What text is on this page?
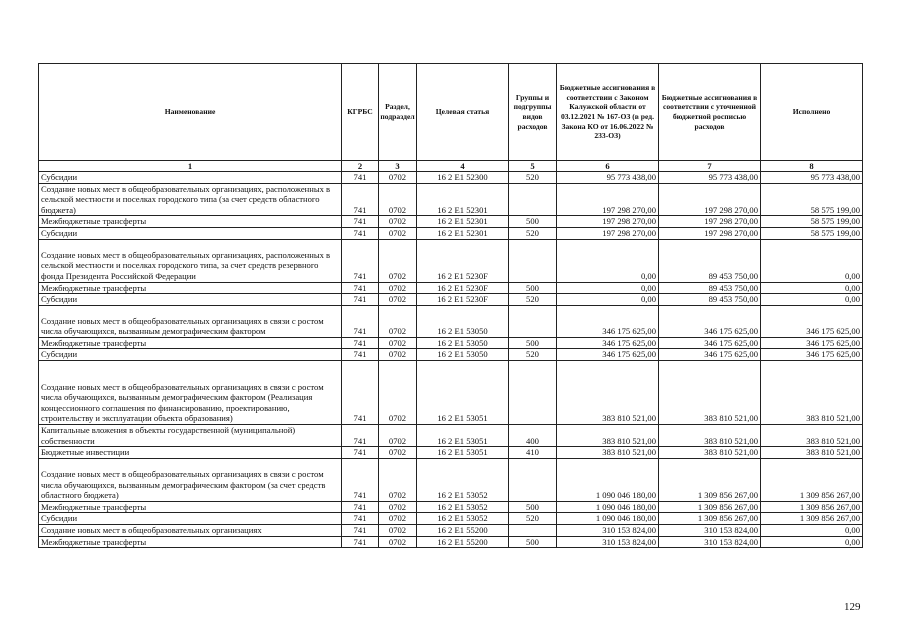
Наименование	КГРБС	Раздел, подраздел	Целевая статья	Группы и подгруппы видов расходов	Бюджетные ассигнования в соответствии с Законом Калужской области от 03.12.2021 № 167-ОЗ (в ред. Закона КО от 16.06.2022 № 233-ОЗ)	Бюджетные ассигнования в соответствии с уточненной бюджетной росписью расходов	Исполнено
1	2	3	4	5	6	7	8
Субсидии	741	0702	16 2 E1 52300	520	95 773 438,00	95 773 438,00	95 773 438,00
Создание новых мест в общеобразовательных организациях, расположенных в сельской местности и поселках городского типа (за счет средств областного бюджета)	741	0702	16 2 E1 52301		197 298 270,00	197 298 270,00	58 575 199,00
Межбюджетные трансферты	741	0702	16 2 E1 52301	500	197 298 270,00	197 298 270,00	58 575 199,00
Субсидии	741	0702	16 2 E1 52301	520	197 298 270,00	197 298 270,00	58 575 199,00
Создание новых мест в общеобразовательных организациях, расположенных в сельской местности и поселках городского типа, за счет средств резервного фонда Президента Российской Федерации	741	0702	16 2 E1 5230F		0,00	89 453 750,00	0,00
Межбюджетные трансферты	741	0702	16 2 E1 5230F	500	0,00	89 453 750,00	0,00
Субсидии	741	0702	16 2 E1 5230F	520	0,00	89 453 750,00	0,00
Создание новых мест в общеобразовательных организациях в связи с ростом числа обучающихся, вызванным демографическим фактором	741	0702	16 2 E1 53050		346 175 625,00	346 175 625,00	346 175 625,00
Межбюджетные трансферты	741	0702	16 2 E1 53050	500	346 175 625,00	346 175 625,00	346 175 625,00
Субсидии	741	0702	16 2 E1 53050	520	346 175 625,00	346 175 625,00	346 175 625,00
Создание новых мест в общеобразовательных организациях в связи с ростом числа обучающихся, вызванным демографическим фактором (Реализация концессионного соглашения по финансированию, проектированию, строительству и эксплуатации объекта образования)	741	0702	16 2 E1 53051		383 810 521,00	383 810 521,00	383 810 521,00
Капитальные вложения в объекты государственной (муниципальной) собственности	741	0702	16 2 E1 53051	400	383 810 521,00	383 810 521,00	383 810 521,00
Бюджетные инвестиции	741	0702	16 2 E1 53051	410	383 810 521,00	383 810 521,00	383 810 521,00
Создание новых мест в общеобразовательных организациях в связи с ростом числа обучающихся, вызванным демографическим фактором (за счет средств областного бюджета)	741	0702	16 2 E1 53052		1 090 046 180,00	1 309 856 267,00	1 309 856 267,00
Межбюджетные трансферты	741	0702	16 2 E1 53052	500	1 090 046 180,00	1 309 856 267,00	1 309 856 267,00
Субсидии	741	0702	16 2 E1 53052	520	1 090 046 180,00	1 309 856 267,00	1 309 856 267,00
Создание новых мест в общеобразовательных организациях	741	0702	16 2 E1 55200		310 153 824,00	310 153 824,00	0,00
Межбюджетные трансферты	741	0702	16 2 E1 55200	500	310 153 824,00	310 153 824,00	0,00
129
